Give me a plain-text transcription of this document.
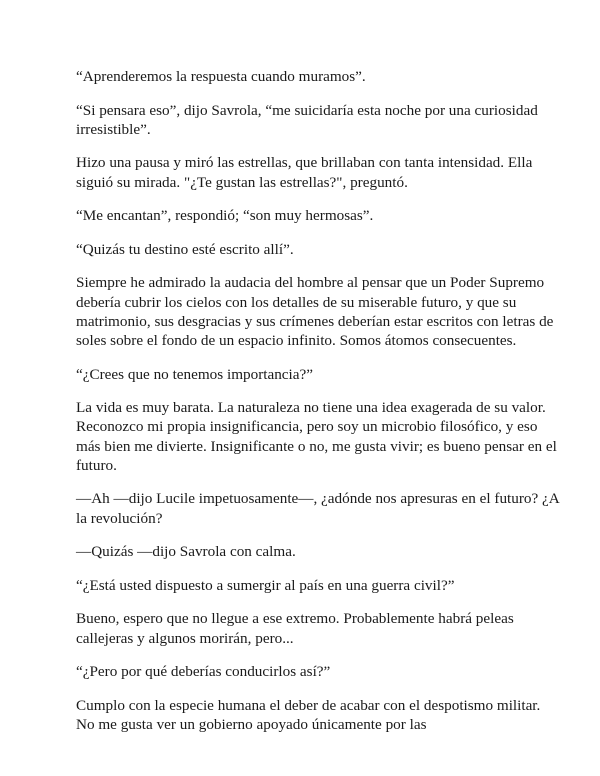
“Aprenderemos la respuesta cuando muramos”.

“Si pensara eso”, dijo Savrola, “me suicidaría esta noche por una curiosidad irresistible”.

Hizo una pausa y miró las estrellas, que brillaban con tanta intensidad. Ella siguió su mirada. "¿Te gustan las estrellas?", preguntó.

“Me encantan”, respondió; “son muy hermosas”.

“Quizás tu destino esté escrito allí”.

Siempre he admirado la audacia del hombre al pensar que un Poder Supremo debería cubrir los cielos con los detalles de su miserable futuro, y que su matrimonio, sus desgracias y sus crímenes deberían estar escritos con letras de soles sobre el fondo de un espacio infinito. Somos átomos consecuentes.

“¿Crees que no tenemos importancia?”

La vida es muy barata. La naturaleza no tiene una idea exagerada de su valor. Reconozco mi propia insignificancia, pero soy un microbio filosófico, y eso más bien me divierte. Insignificante o no, me gusta vivir; es bueno pensar en el futuro.

—Ah —dijo Lucile impetuosamente—, ¿adónde nos apresuras en el futuro? ¿A la revolución?

—Quizás —dijo Savrola con calma.

“¿Está usted dispuesto a sumergir al país en una guerra civil?”

Bueno, espero que no llegue a ese extremo. Probablemente habrá peleas callejeras y algunos morirán, pero...

“¿Pero por qué deberías conducirlos así?”

Cumplo con la especie humana el deber de acabar con el despotismo militar. No me gusta ver un gobierno apoyado únicamente por las
